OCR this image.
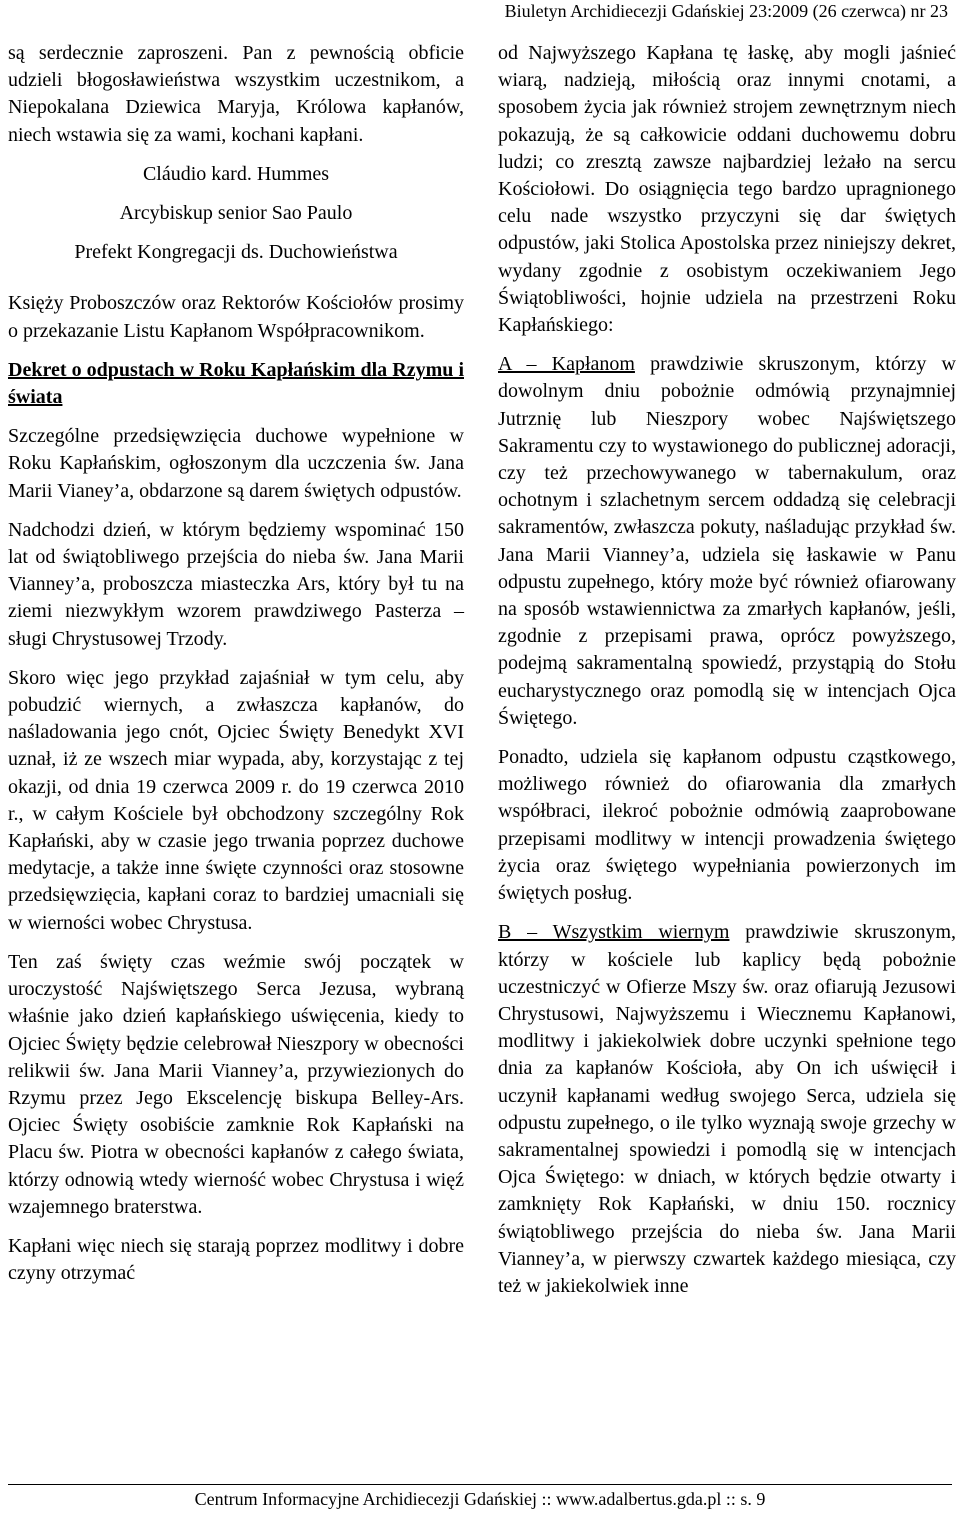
Biuletyn Archidiecezji Gdańskiej 23:2009 (26 czerwca) nr 23

są serdecznie zaproszeni. Pan z pewnością obficie udzieli błogosławieństwa wszystkim uczestnikom, a Niepokalana Dziewica Maryja, Królowa kapłanów, niech wstawia się za wami, kochani kapłani.

Cláudio kard. Hummes

Arcybiskup senior Sao Paulo

Prefekt Kongregacji ds. Duchowieństwa

Księży Proboszczów oraz Rektorów Kościołów prosimy o przekazanie Listu Kapłanom Współpracownikom.

Dekret o odpustach w Roku Kapłańskim dla Rzymu i świata

Szczególne przedsięwzięcia duchowe wypełnione w Roku Kapłańskim, ogłoszonym dla uczczenia św. Jana Marii Vianey’a, obdarzone są darem świętych odpustów.

Nadchodzi dzień, w którym będziemy wspominać 150 lat od świątobliwego przejścia do nieba św. Jana Marii Vianney’a, proboszcza miasteczka Ars, który był tu na ziemi niezwykłym wzorem prawdziwego Pasterza – sługi Chrystusowej Trzody.

Skoro więc jego przykład zajaśniał w tym celu, aby pobudzić wiernych, a zwłaszcza kapłanów, do naśladowania jego cnót, Ojciec Święty Benedykt XVI uznał, iż ze wszech miar wypada, aby, korzystając z tej okazji, od dnia 19 czerwca 2009 r. do 19 czerwca 2010 r., w całym Kościele był obchodzony szczególny Rok Kapłański, aby w czasie jego trwania poprzez duchowe medytacje, a także inne święte czynności oraz stosowne przedsięwzięcia, kapłani coraz to bardziej umacniali się w wierności wobec Chrystusa.

Ten zaś święty czas weźmie swój początek w uroczystość Najświętszego Serca Jezusa, wybraną właśnie jako dzień kapłańskiego uświęcenia, kiedy to Ojciec Święty będzie celebrował Nieszpory w obecności relikwii św. Jana Marii Vianney’a, przywiezionych do Rzymu przez Jego Ekscelencję biskupa Belley-Ars. Ojciec Święty osobiście zamknie Rok Kapłański na Placu św. Piotra w obecności kapłanów z całego świata, którzy odnowią wtedy wierność wobec Chrystusa i więź wzajemnego braterstwa.

Kapłani więc niech się starają poprzez modlitwy i dobre czyny otrzymać

od Najwyższego Kapłana tę łaskę, aby mogli jaśnieć wiarą, nadzieją, miłością oraz innymi cnotami, a sposobem życia jak również strojem zewnętrznym niech pokazują, że są całkowicie oddani duchowemu dobru ludzi; co zresztą zawsze najbardziej leżało na sercu Kościołowi. Do osiągnięcia tego bardzo upragnionego celu nade wszystko przyczyni się dar świętych odpustów, jaki Stolica Apostolska przez niniejszy dekret, wydany zgodnie z osobistym oczekiwaniem Jego Świątobliwości, hojnie udziela na przestrzeni Roku Kapłańskiego:

A – Kapłanom prawdziwie skruszonym, którzy w dowolnym dniu pobożnie odmówią przynajmniej Jutrznię lub Nieszpory wobec Najświętszego Sakramentu czy to wystawionego do publicznej adoracji, czy też przechowywanego w tabernakulum, oraz ochotnym i szlachetnym sercem oddadzą się celebracji sakramentów, zwłaszcza pokuty, naśladując przykład św. Jana Marii Vianney’a, udziela się łaskawie w Panu odpustu zupełnego, który może być również ofiarowany na sposób wstawiennictwa za zmarłych kapłanów, jeśli, zgodnie z przepisami prawa, oprócz powyższego, podejmą sakramentalną spowiedź, przystąpią do Stołu eucharystycznego oraz pomodlą się w intencjach Ojca Świętego.

Ponadto, udziela się kapłanom odpustu cząstkowego, możliwego również do ofiarowania dla zmarłych współbraci, ilekroć pobożnie odmówią zaaprobowane przepisami modlitwy w intencji prowadzenia świętego życia oraz świętego wypełniania powierzonych im świętych posług.

B – Wszystkim wiernym prawdziwie skruszonym, którzy w kościele lub kaplicy będą pobożnie uczestniczyć w Ofierze Mszy św. oraz ofiarują Jezusowi Chrystusowi, Najwyższemu i Wiecznemu Kapłanowi, modlitwy i jakiekolwiek dobre uczynki spełnione tego dnia za kapłanów Kościoła, aby On ich uświęcił i uczynił kapłanami według swojego Serca, udziela się odpustu zupełnego, o ile tylko wyznają swoje grzechy w sakramentalnej spowiedzi i pomodlą się w intencjach Ojca Świętego: w dniach, w których będzie otwarty i zamknięty Rok Kapłański, w dniu 150. rocznicy świątobliwego przejścia do nieba św. Jana Marii Vianney’a, w pierwszy czwartek każdego miesiąca, czy też w jakiekolwiek inne

Centrum Informacyjne Archidiecezji Gdańskiej :: www.adalbertus.gda.pl :: s. 9
